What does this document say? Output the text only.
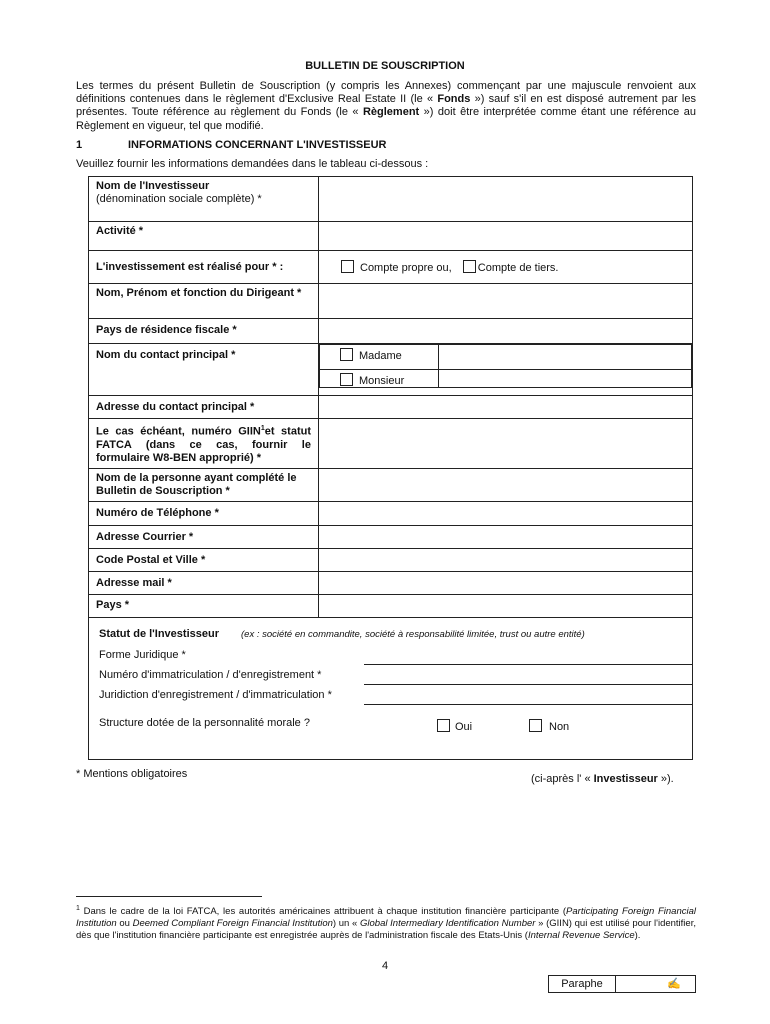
BULLETIN DE SOUSCRIPTION
Les termes du présent Bulletin de Souscription (y compris les Annexes) commençant par une majuscule renvoient aux définitions contenues dans le règlement d'Exclusive Real Estate II (le « Fonds ») sauf s'il en est disposé autrement par les présentes. Toute référence au règlement du Fonds (le « Règlement ») doit être interprétée comme étant une référence au Règlement en vigueur, tel que modifié.
1	INFORMATIONS CONCERNANT L'INVESTISSEUR
Veuillez fournir les informations demandées dans le tableau ci-dessous :
Nom de l'Investisseur
(dénomination sociale complète) *	
Activité *	
L'investissement est réalisé pour * :	Compte propre ou, Compte de tiers.
Nom, Prénom et fonction du Dirigeant *	
Pays de résidence fiscale *	
Nom du contact principal *		Madame	
Monsieur	

Adresse du contact principal *	
Le cas échéant, numéro GIIN$^1$et statut FATCA (dans ce cas, fournir le formulaire W8-BEN approprié) *	
Nom de la personne ayant complété le Bulletin de Souscription *	
Numéro de Téléphone *	
Adresse Courrier *	
Code Postal et Ville *	
Adresse mail *	
Pays *	
Statut de l'Investisseur (ex : société en commandite, société à responsabilité limitée, trust ou autre entité)
Forme Juridique *
Numéro d'immatriculation / d'enregistrement *
Juridiction d'enregistrement / d'immatriculation *
Structure dotée de la personnalité morale ?	Oui	Non
* Mentions obligatoires	(ci-après l' « Investisseur »).
$^1$ Dans le cadre de la loi FATCA, les autorités américaines attribuent à chaque institution financière participante (Participating Foreign Financial Institution ou Deemed Compliant Foreign Financial Institution) un « Global Intermediary Identification Number » (GIIN) qui est utilisé pour l'identifier, dès que l'institution financière participante est enregistrée auprès de l'administration fiscale des Etats-Unis (Internal Revenue Service).
4
Paraphe	✍
